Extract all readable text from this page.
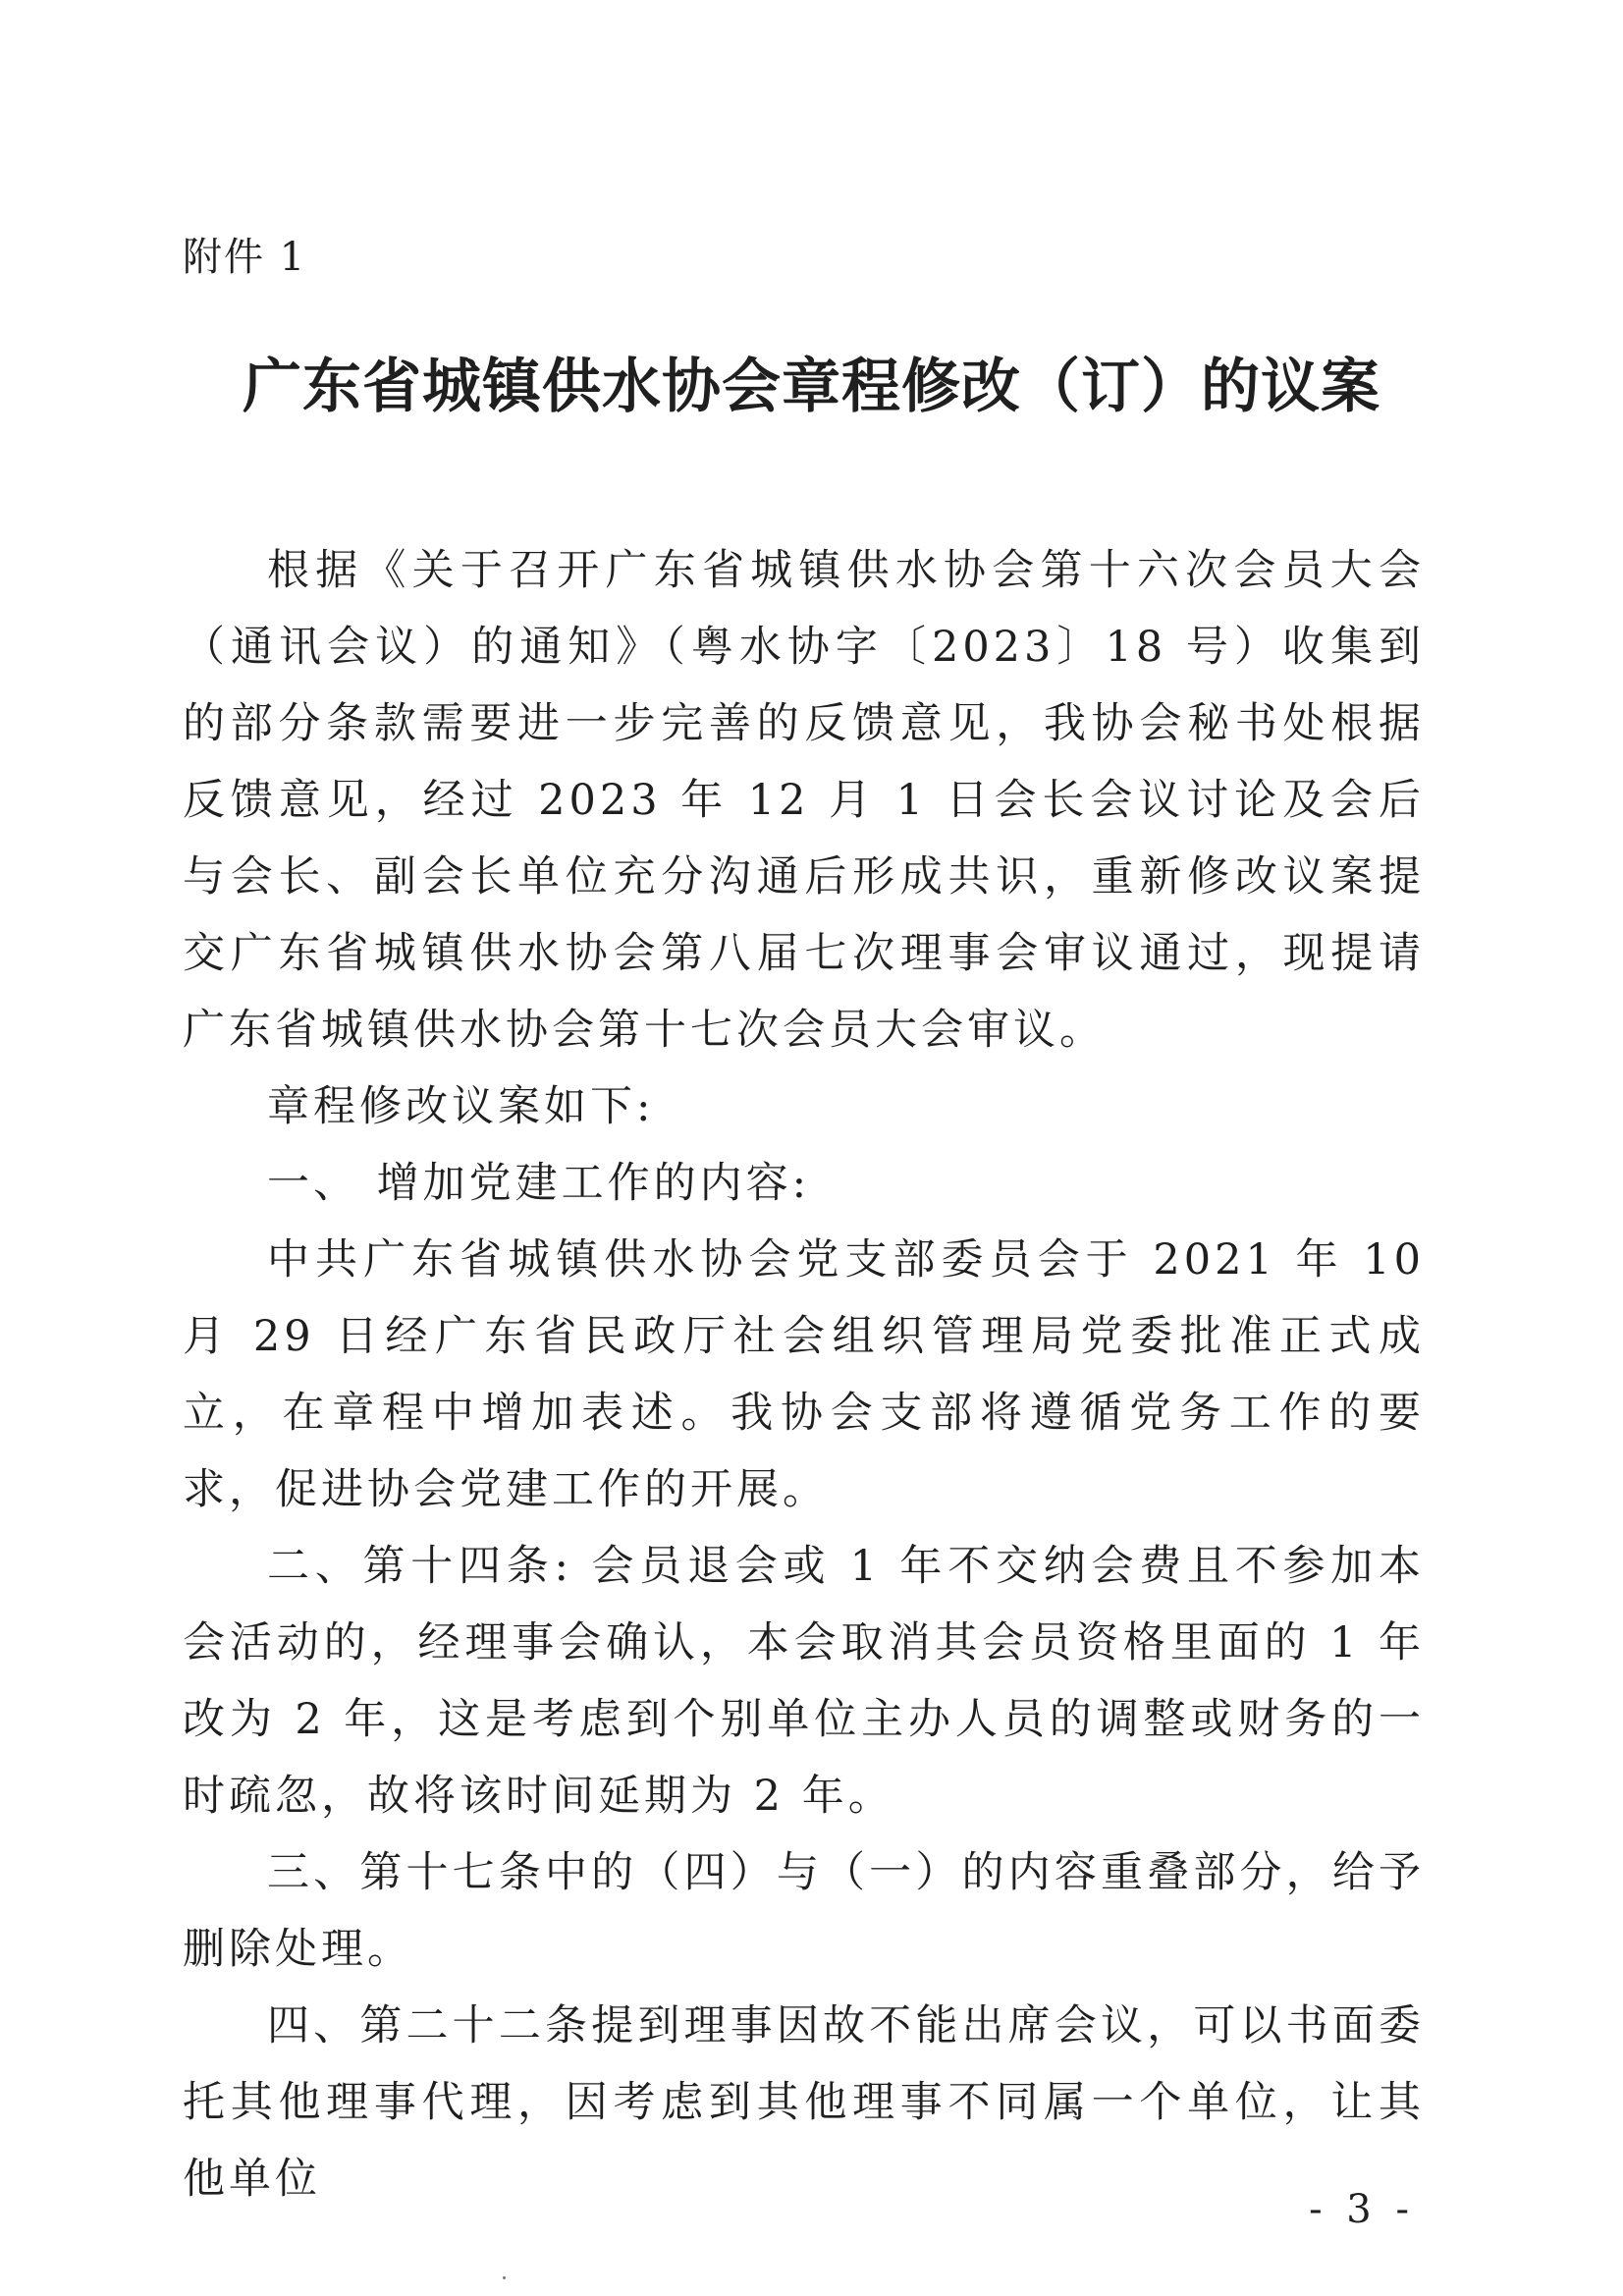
附件 1
广东省城镇供水协会章程修改（订）的议案

根据《关于召开广东省城镇供水协会第十六次会员大会（通讯会议）的通知》（粤水协字〔2023〕18 号）收集到的部分条款需要进一步完善的反馈意见，我协会秘书处根据反馈意见，经过 2023 年 12 月 1 日会长会议讨论及会后与会长、副会长单位充分沟通后形成共识，重新修改议案提交广东省城镇供水协会第八届七次理事会审议通过，现提请广东省城镇供水协会第十七次会员大会审议。

章程修改议案如下:

一、 增加党建工作的内容:

中共广东省城镇供水协会党支部委员会于 2021 年 10 月 29 日经广东省民政厅社会组织管理局党委批准正式成立，在章程中增加表述。我协会支部将遵循党务工作的要求，促进协会党建工作的开展。

二、第十四条: 会员退会或 1 年不交纳会费且不参加本会活动的，经理事会确认，本会取消其会员资格里面的 1 年改为 2 年，这是考虑到个别单位主办人员的调整或财务的一时疏忽，故将该时间延期为 2 年。

三、第十七条中的（四）与（一）的内容重叠部分，给予删除处理。

四、第二十二条提到理事因故不能出席会议，可以书面委托其他理事代理，因考虑到其他理事不同属一个单位，让其他单位

- 3 -
